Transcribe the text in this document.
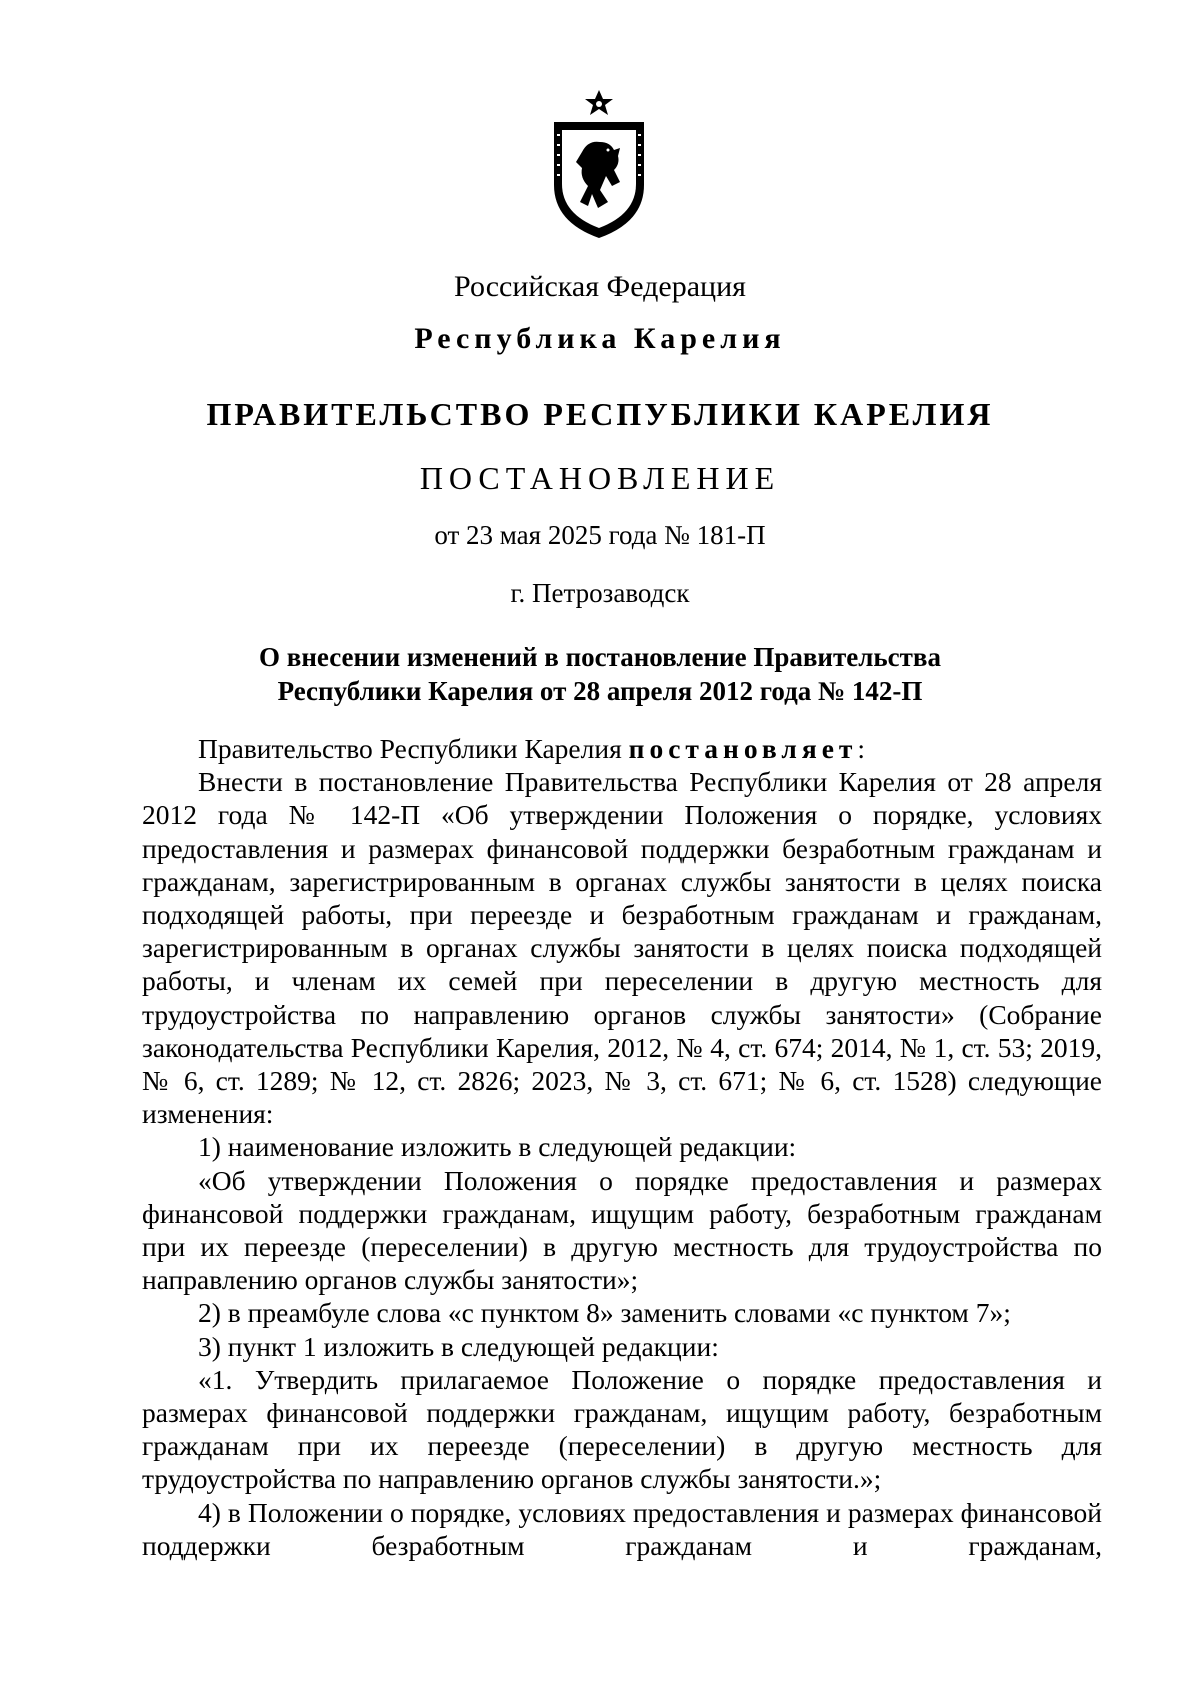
Российская Федерация
Республика Карелия
ПРАВИТЕЛЬСТВО РЕСПУБЛИКИ КАРЕЛИЯ
ПОСТАНОВЛЕНИЕ
от 23 мая 2025 года № 181-П
г. Петрозаводск
О внесении изменений в постановление Правительства
Республики Карелия от 28 апреля 2012 года № 142-П

Правительство Республики Карелия постановляет:

Внести в постановление Правительства Республики Карелия от 28 апреля 2012 года № 142-П «Об утверждении Положения о порядке, условиях предоставления и размерах финансовой поддержки безработным гражданам и гражданам, зарегистрированным в органах службы занятости в целях поиска подходящей работы, при переезде и безработным гражданам и гражданам, зарегистрированным в органах службы занятости в целях поиска подходящей работы, и членам их семей при переселении в другую местность для трудоустройства по направлению органов службы занятости» (Собрание законодательства Республики Карелия, 2012, № 4, ст. 674; 2014, № 1, ст. 53; 2019, № 6, ст. 1289; № 12, ст. 2826; 2023, № 3, ст. 671; № 6, ст. 1528) следующие изменения:

1) наименование изложить в следующей редакции:

«Об утверждении Положения о порядке предоставления и размерах финансовой поддержки гражданам, ищущим работу, безработным гражданам при их переезде (переселении) в другую местность для трудоустройства по направлению органов службы занятости»;

2) в преамбуле слова «с пунктом 8» заменить словами «с пунктом 7»;

3) пункт 1 изложить в следующей редакции:

«1. Утвердить прилагаемое Положение о порядке предоставления и размерах финансовой поддержки гражданам, ищущим работу, безработным гражданам при их переезде (переселении) в другую местность для трудоустройства по направлению органов службы занятости.»;

4) в Положении о порядке, условиях предоставления и размерах финансовой поддержки безработным гражданам и гражданам,
